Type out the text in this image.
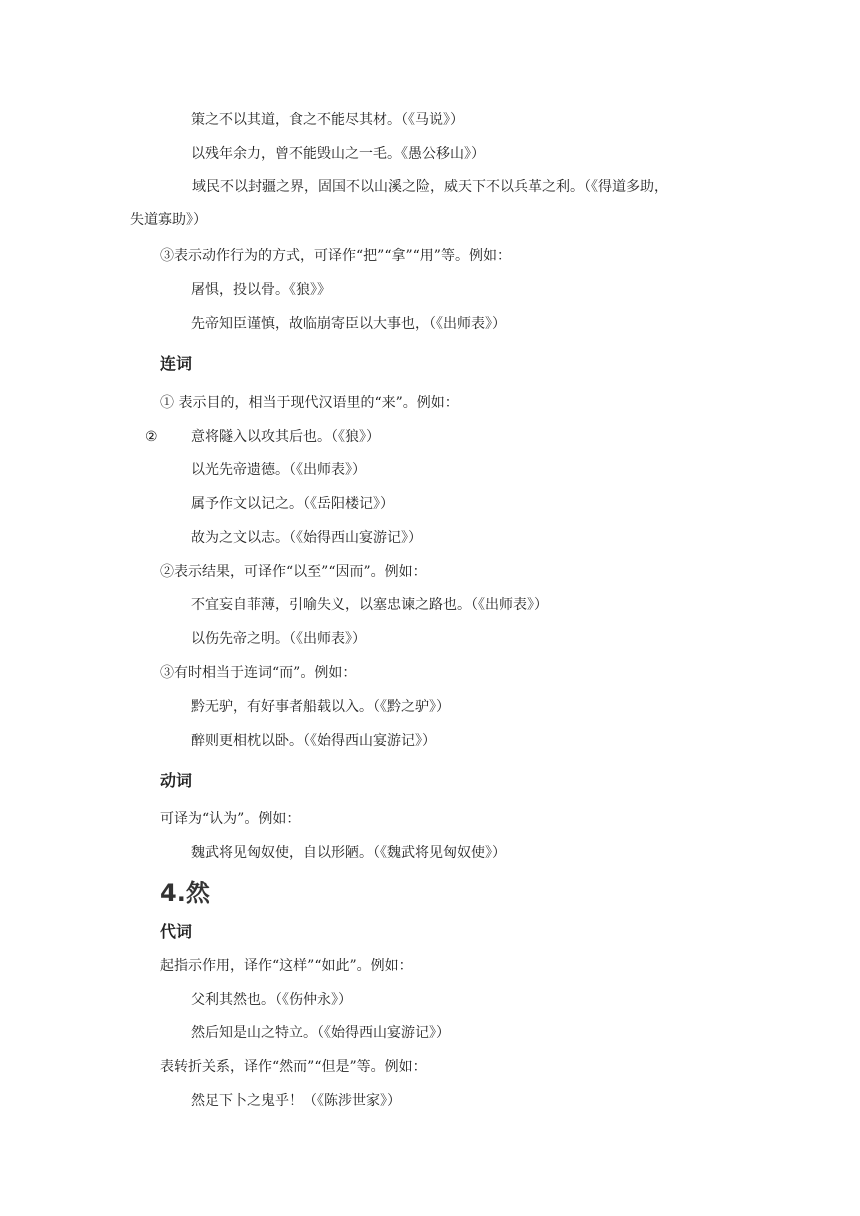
策之不以其道，食之不能尽其材。（《马说》）
以残年余力，曾不能毁山之一毛。《愚公移山》）
域民不以封疆之界，固国不以山溪之险，威天下不以兵革之利。（《得道多助，
失道寡助》）
③表示动作行为的方式，可译作“把”“拿”“用”等。例如：
屠惧，投以骨。《狼》》
先帝知臣谨慎，故临崩寄臣以大事也，（《出师表》）
连词
① 表示目的，相当于现代汉语里的“来”。例如：
② 意将隧入以攻其后也。（《狼》）
以光先帝遗德。（《出师表》）
属予作文以记之。（《岳阳楼记》）
故为之文以志。（《始得西山宴游记》）
②表示结果，可译作“以至”“因而”。例如：
不宜妄自菲薄，引喻失义，以塞忠谏之路也。（《出师表》）
以伤先帝之明。（《出师表》）
③有时相当于连词“而”。例如：
黔无驴，有好事者船载以入。（《黔之驴》）
醉则更相枕以卧。（《始得西山宴游记》）
动词
可译为“认为”。例如：
魏武将见匈奴使，自以形陋。（《魏武将见匈奴使》）
4.然
代词
起指示作用，译作“这样”“如此”。例如：
父利其然也。（《伤仲永》）
然后知是山之特立。（《始得西山宴游记》）
表转折关系，译作“然而”“但是”等。例如：
然足下卜之鬼乎！（《陈涉世家》）
